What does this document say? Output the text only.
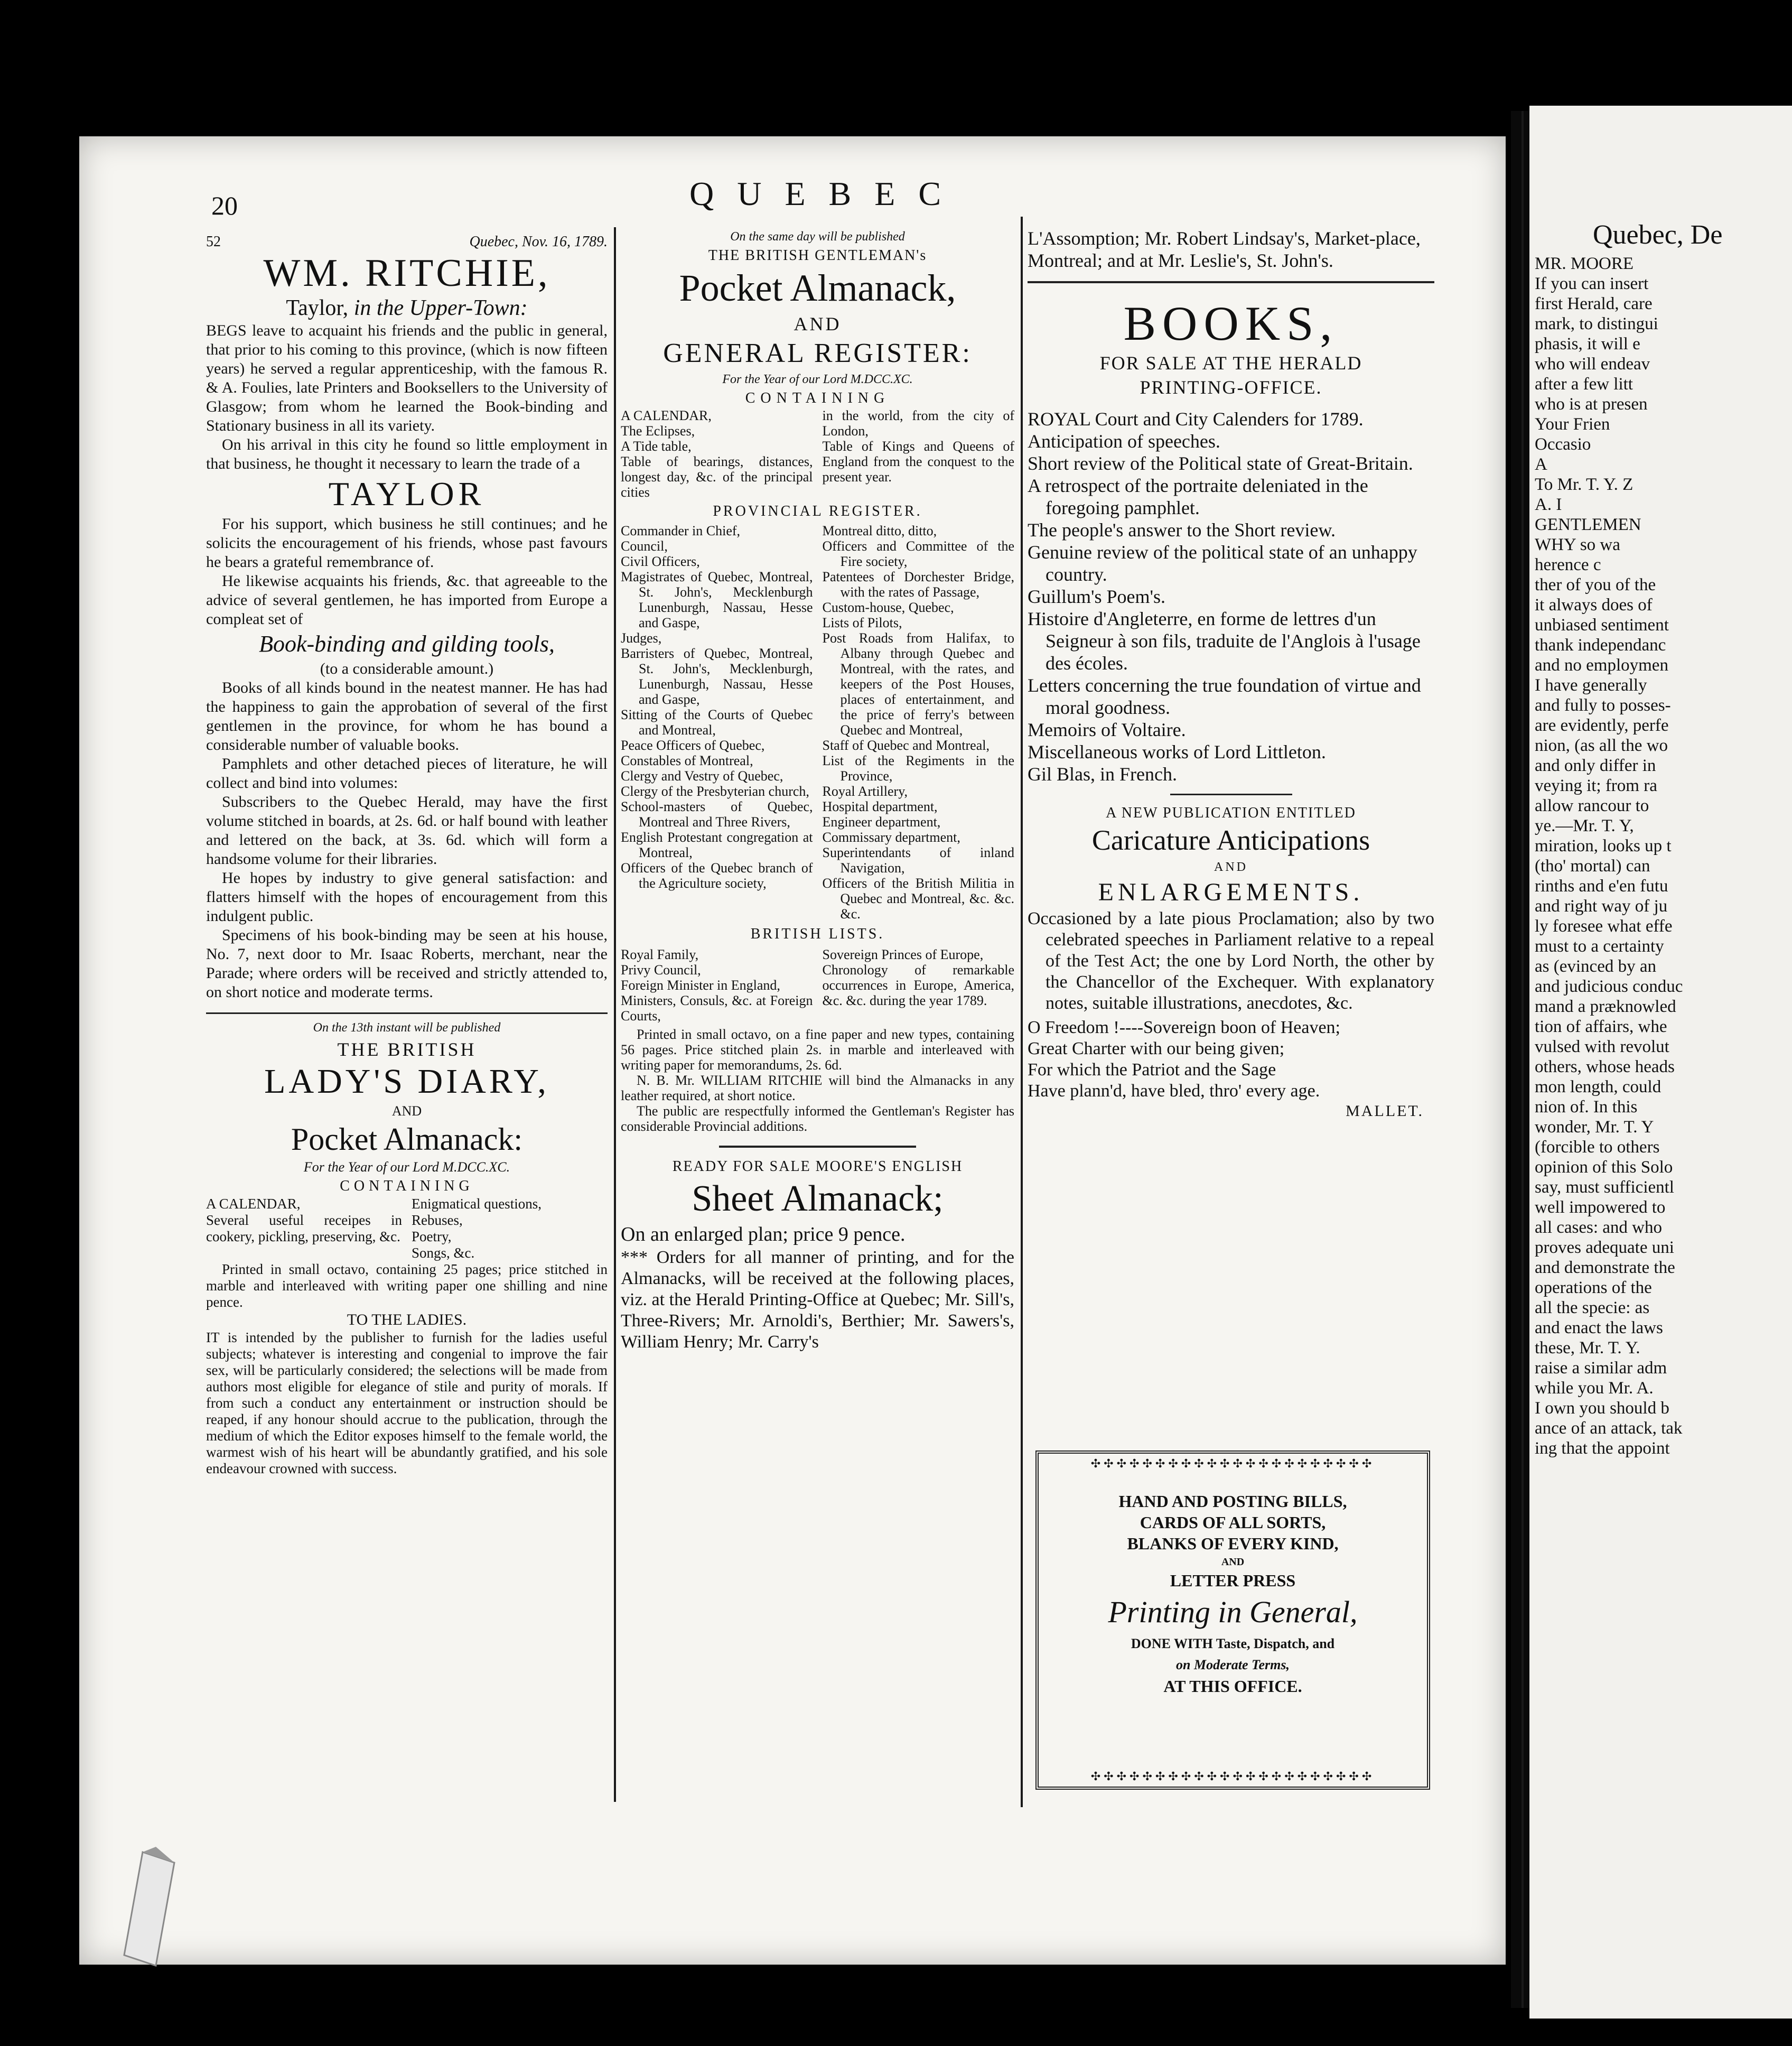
20	Q U E B E C
52	Quebec, Nov. 16, 1789.
WM. RITCHIE,
Taylor, in the Upper-Town:

BEGS leave to acquaint his friends and the public in general, that prior to his coming to this province, (which is now fifteen years) he served a regular apprenticeship, with the famous R. & A. Foulies, late Printers and Booksellers to the University of Glasgow; from whom he learned the Book-binding and Stationary business in all its variety.

On his arrival in this city he found so little employment in that business, he thought it necessary to learn the trade of a

TAYLOR

For his support, which business he still continues; and he solicits the encouragement of his friends, whose past favours he bears a grateful remembrance of.

He likewise acquaints his friends, &c. that agreeable to the advice of several gentlemen, he has imported from Europe a compleat set of

Book-binding and gilding tools,
(to a considerable amount.)

Books of all kinds bound in the neatest manner. He has had the happiness to gain the approbation of several of the first gentlemen in the province, for whom he has bound a considerable number of valuable books.

Pamphlets and other detached pieces of literature, he will collect and bind into volumes:

Subscribers to the Quebec Herald, may have the first volume stitched in boards, at 2s. 6d. or half bound with leather and lettered on the back, at 3s. 6d. which will form a handsome volume for their libraries.

He hopes by industry to give general satisfaction: and flatters himself with the hopes of encouragement from this indulgent public.

Specimens of his book-binding may be seen at his house, No. 7, next door to Mr. Isaac Roberts, merchant, near the Parade; where orders will be received and strictly attended to, on short notice and moderate terms.

On the 13th instant will be published
THE BRITISH
LADY'S DIARY,
AND
Pocket Almanack:
For the Year of our Lord M.DCC.XC.
CONTAINING
A CALENDAR,
Several useful receipes in cookery, pickling, preserving, &c.
Enigmatical questions,
Rebuses,
Poetry,
Songs, &c.

Printed in small octavo, containing 25 pages; price stitched in marble and interleaved with writing paper one shilling and nine pence.

TO THE LADIES.

IT is intended by the publisher to furnish for the ladies useful subjects; whatever is interesting and congenial to improve the fair sex, will be particularly considered; the selections will be made from authors most eligible for elegance of stile and purity of morals. If from such a conduct any entertainment or instruction should be reaped, if any honour should accrue to the publication, through the medium of which the Editor exposes himself to the female world, the warmest wish of his heart will be abundantly gratified, and his sole endeavour crowned with success.

On the same day will be published
THE BRITISH GENTLEMAN's
Pocket Almanack,
AND
GENERAL REGISTER:
For the Year of our Lord M.DCC.XC.
CONTAINING
A CALENDAR,
The Eclipses,
A Tide table,
Table of bearings, distances, longest day, &c. of the principal cities
in the world, from the city of London,
Table of Kings and Queens of England from the conquest to the present year.
PROVINCIAL REGISTER.
Commander in Chief,
Council,
Civil Officers,
Magistrates of Quebec, Montreal, St. John's, Mecklenburgh Lunenburgh, Nassau, Hesse and Gaspe,
Judges,
Barristers of Quebec, Montreal, St. John's, Mecklenburgh, Lunenburgh, Nassau, Hesse and Gaspe,
Sitting of the Courts of Quebec and Montreal,
Peace Officers of Quebec,
Constables of Montreal,
Clergy and Vestry of Quebec,
Clergy of the Presbyterian church,
School-masters of Quebec, Montreal and Three Rivers,
English Protestant congregation at Montreal,
Officers of the Quebec branch of the Agriculture society,
Montreal ditto, ditto,
Officers and Committee of the Fire society,
Patentees of Dorchester Bridge, with the rates of Passage,
Custom-house, Quebec,
Lists of Pilots,
Post Roads from Halifax, to Albany through Quebec and Montreal, with the rates, and keepers of the Post Houses, places of entertainment, and the price of ferry's between Quebec and Montreal,
Staff of Quebec and Montreal,
List of the Regiments in the Province,
Royal Artillery,
Hospital department,
Engineer department,
Commissary department,
Superintendants of inland Navigation,
Officers of the British Militia in Quebec and Montreal, &c. &c. &c.
BRITISH LISTS.
Royal Family,
Privy Council,
Foreign Minister in England,
Ministers, Consuls, &c. at Foreign Courts,
Sovereign Princes of Europe,
Chronology of remarkable occurrences in Europe, America, &c. &c. during the year 1789.

Printed in small octavo, on a fine paper and new types, containing 56 pages. Price stitched plain 2s. in marble and interleaved with writing paper for memorandums, 2s. 6d.

N. B. Mr. WILLIAM RITCHIE will bind the Almanacks in any leather required, at short notice.

The public are respectfully informed the Gentleman's Register has considerable Provincial additions.

READY FOR SALE MOORE'S ENGLISH
Sheet Almanack;
On an enlarged plan; price 9 pence.

*** Orders for all manner of printing, and for the Almanacks, will be received at the following places, viz. at the Herald Printing-Office at Quebec; Mr. Sill's, Three-Rivers; Mr. Arnoldi's, Berthier; Mr. Sawers's, William Henry; Mr. Carry's

L'Assomption; Mr. Robert Lindsay's, Market-place, Montreal; and at Mr. Leslie's, St. John's.

BOOKS,
FOR SALE AT THE HERALD PRINTING-OFFICE.
ROYAL Court and City Calenders for 1789.
Anticipation of speeches.
Short review of the Political state of Great-Britain.
A retrospect of the portraite deleniated in the foregoing pamphlet.
The people's answer to the Short review.
Genuine review of the political state of an unhappy country.
Guillum's Poem's.
Histoire d'Angleterre, en forme de lettres d'un Seigneur à son fils, traduite de l'Anglois à l'usage des écoles.
Letters concerning the true foundation of virtue and moral goodness.
Memoirs of Voltaire.
Miscellaneous works of Lord Littleton.
Gil Blas, in French.
A NEW PUBLICATION ENTITLED
Caricature Anticipations
AND
ENLARGEMENTS.

Occasioned by a late pious Proclamation; also by two celebrated speeches in Parliament relative to a repeal of the Test Act; the one by Lord North, the other by the Chancellor of the Exchequer. With explanatory notes, suitable illustrations, anecdotes, &c.

O Freedom !----Sovereign boon of Heaven;
Great Charter with our being given;
For which the Patriot and the Sage
Have plann'd, have bled, thro' every age.
MALLET.
✣✣✣✣✣✣✣✣✣✣✣✣✣✣✣✣✣✣✣✣✣✣
HAND AND POSTING BILLS,
CARDS OF ALL SORTS,
BLANKS OF EVERY KIND,
AND
LETTER PRESS
Printing in General,
DONE WITH Taste, Dispatch, and
on Moderate Terms,
AT THIS OFFICE.
✣✣✣✣✣✣✣✣✣✣✣✣✣✣✣✣✣✣✣✣✣✣
Quebec, De
MR. MOORE
If you can insert
first Herald, care
mark, to distingui
phasis, it will e
who will endeav
after a few litt
who is at presen
Your Frien
Occasio
A
To Mr. T. Y. Z
A. I
GENTLEMEN
WHY so wa
herence c
ther of you of the
it always does of
unbiased sentiment
thank independanc
and no employmen
I have generally
and fully to posses-
are evidently, perfe
nion, (as all the wo
and only differ in
veying it; from ra
allow rancour to
ye.—Mr. T. Y,
miration, looks up t
(tho' mortal) can
rinths and e'en futu
and right way of ju
ly foresee what effe
must to a certainty
as (evinced by an
and judicious conduc
mand a præknowled
tion of affairs, whe
vulsed with revolut
others, whose heads
mon length, could
nion of. In this
wonder, Mr. T. Y
(forcible to others
opinion of this Solo
say, must sufficientl
well impowered to
all cases: and who
proves adequate uni
and demonstrate the
operations of the
all the specie: as
and enact the laws
these, Mr. T. Y.
raise a similar adm
while you Mr. A.
I own you should b
ance of an attack, tak
ing that the appoint
